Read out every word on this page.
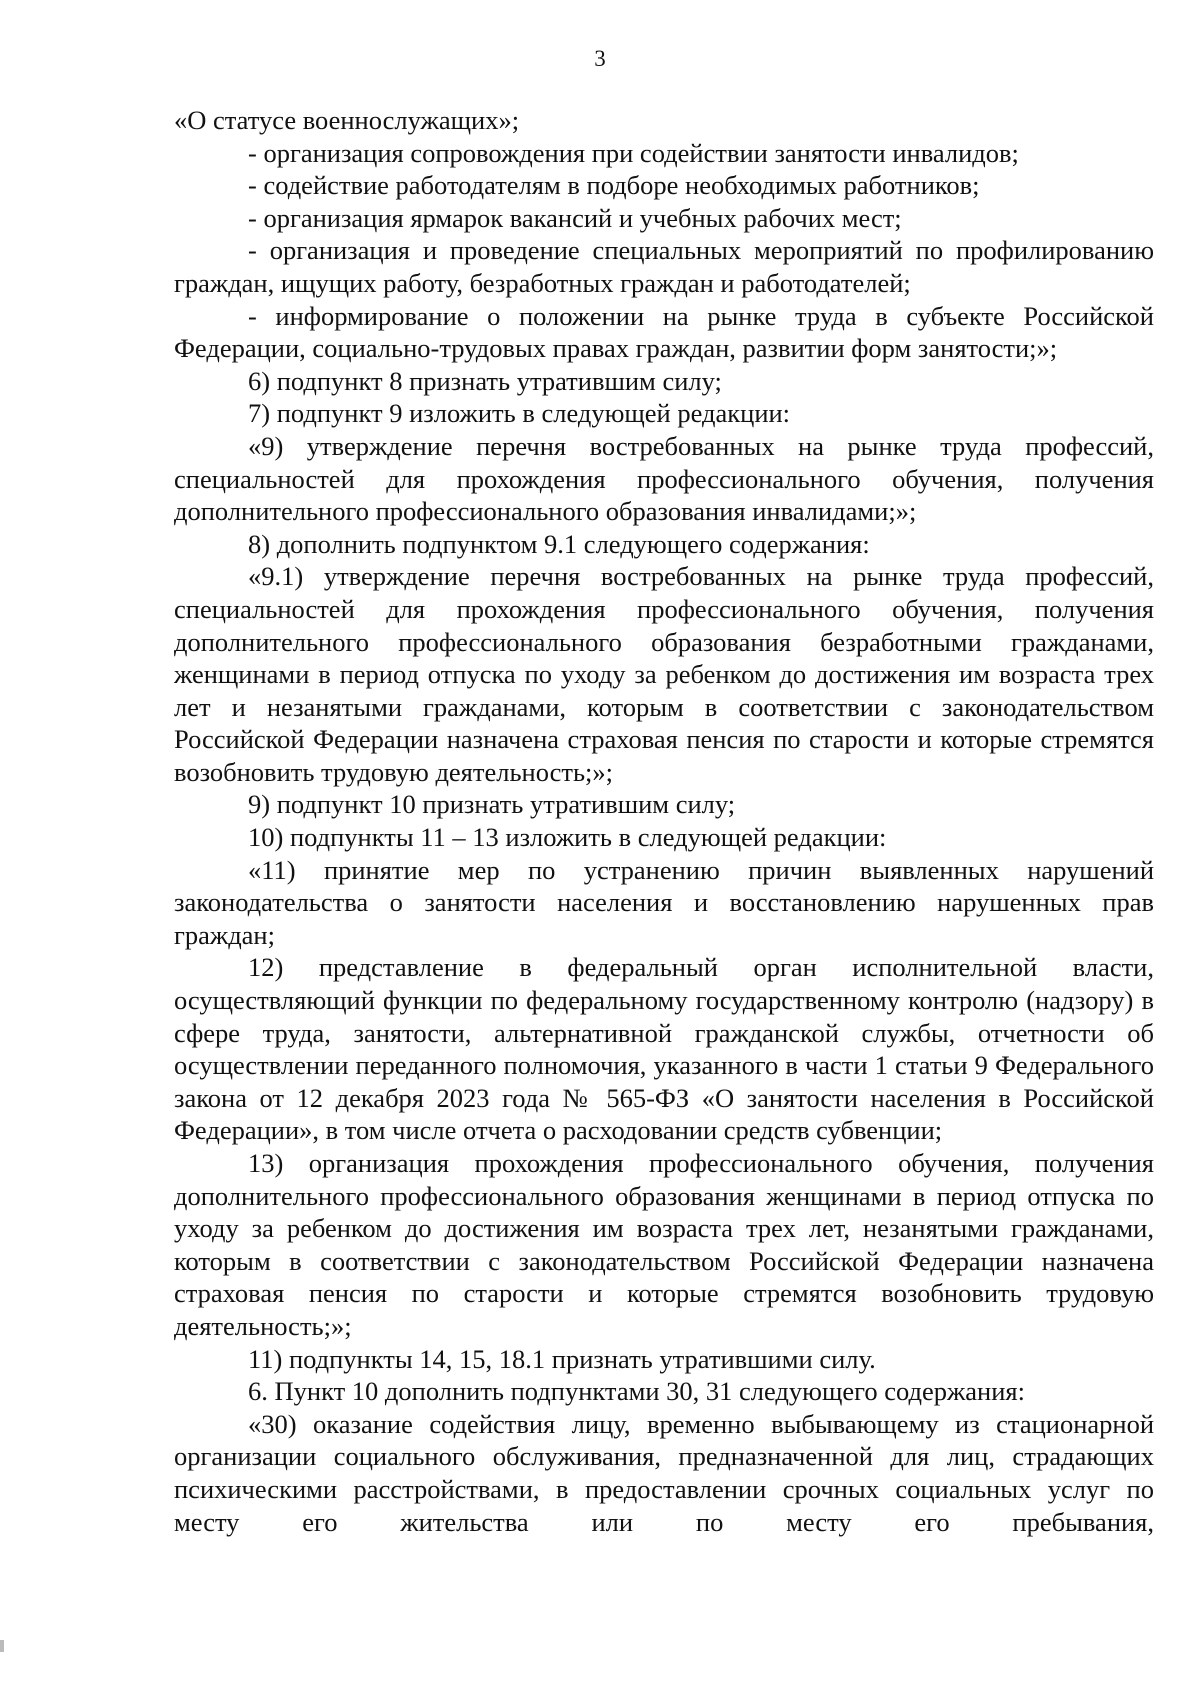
3

«О статусе военнослужащих»;

- организация сопровождения при содействии занятости инвалидов;

- содействие работодателям в подборе необходимых работников;

- организация ярмарок вакансий и учебных рабочих мест;

- организация и проведение специальных мероприятий по профилированию граждан, ищущих работу, безработных граждан и работодателей;

- информирование о положении на рынке труда в субъекте Российской Федерации, социально-трудовых правах граждан, развитии форм занятости;»;

6) подпункт 8 признать утратившим силу;

7) подпункт 9 изложить в следующей редакции:

«9) утверждение перечня востребованных на рынке труда профессий, специальностей для прохождения профессионального обучения, получения дополнительного профессионального образования инвалидами;»;

8) дополнить подпунктом 9.1 следующего содержания:

«9.1) утверждение перечня востребованных на рынке труда профессий, специальностей для прохождения профессионального обучения, получения дополнительного профессионального образования безработными гражданами, женщинами в период отпуска по уходу за ребенком до достижения им возраста трех лет и незанятыми гражданами, которым в соответствии с законодательством Российской Федерации назначена страховая пенсия по старости и которые стремятся возобновить трудовую деятельность;»;

9) подпункт 10 признать утратившим силу;

10) подпункты 11 – 13 изложить в следующей редакции:

«11) принятие мер по устранению причин выявленных нарушений законодательства о занятости населения и восстановлению нарушенных прав граждан;

12) представление в федеральный орган исполнительной власти, осуществляющий функции по федеральному государственному контролю (надзору) в сфере труда, занятости, альтернативной гражданской службы, отчетности об осуществлении переданного полномочия, указанного в части 1 статьи 9 Федерального закона от 12 декабря 2023 года № 565-ФЗ «О занятости населения в Российской Федерации», в том числе отчета о расходовании средств субвенции;

13) организация прохождения профессионального обучения, получения дополнительного профессионального образования женщинами в период отпуска по уходу за ребенком до достижения им возраста трех лет, незанятыми гражданами, которым в соответствии с законодательством Российской Федерации назначена страховая пенсия по старости и которые стремятся возобновить трудовую деятельность;»;

11) подпункты 14, 15, 18.1 признать утратившими силу.

6. Пункт 10 дополнить подпунктами 30, 31 следующего содержания:

«30) оказание содействия лицу, временно выбывающему из стационарной организации социального обслуживания, предназначенной для лиц, страдающих психическими расстройствами, в предоставлении срочных социальных услуг по месту его жительства или по месту его пребывания,
